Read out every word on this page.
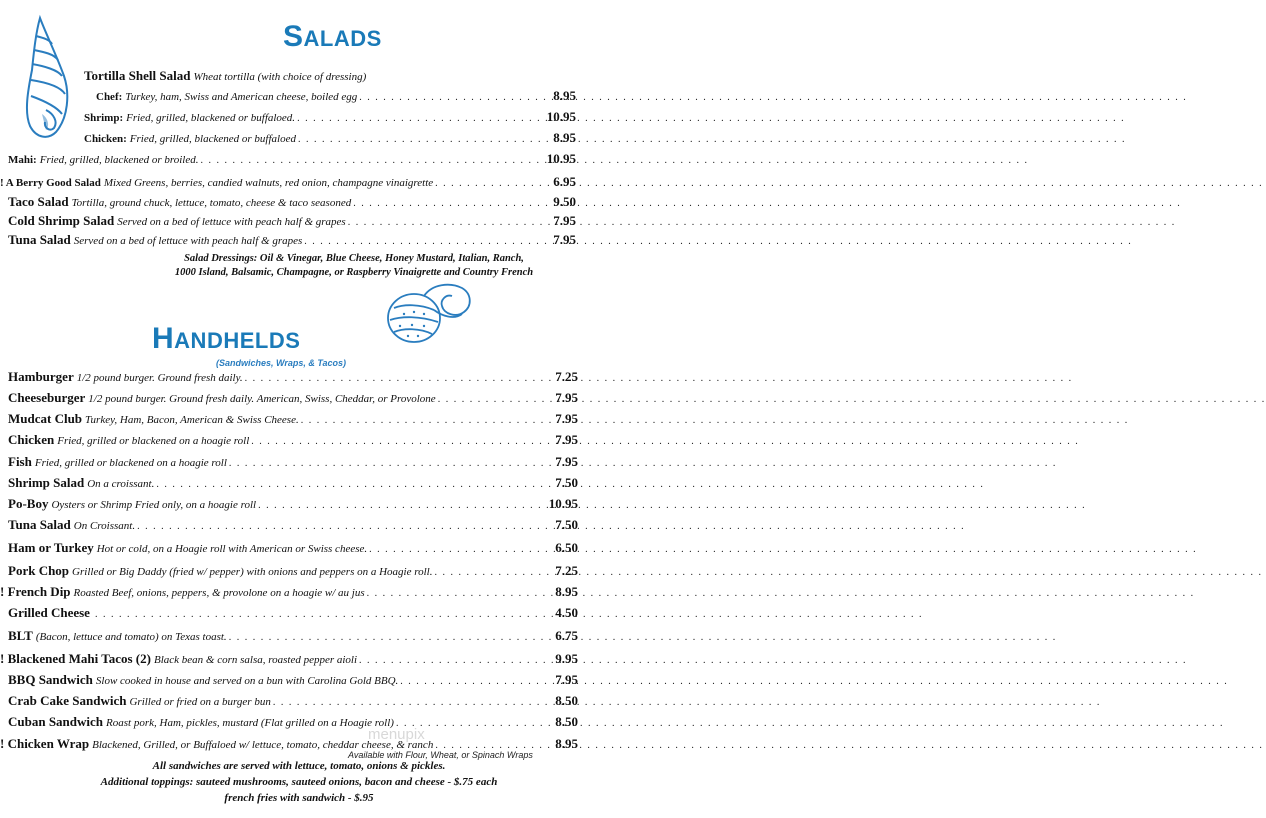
SALADS
Tortilla Shell Salad Wheat tortilla (with choice of dressing)
Chef: Turkey, ham, Swiss and American cheese, boiled egg . . .	8.95
Shrimp: Fried, grilled, blackened or buffaloed. . . .	10.95
Chicken: Fried, grilled, blackened or buffaloed . . .	8.95
Mahi: Fried, grilled, blackened or broiled. . . .	10.95
! A Berry Good Salad Mixed Greens, berries, candied walnuts, red onion, champagne vinaigrette . . .	6.95
Taco Salad Tortilla, ground chuck, lettuce, tomato, cheese & taco seasoned . . .	9.50
Cold Shrimp Salad Served on a bed of lettuce with peach half & grapes . . .	7.95
Tuna Salad Served on a bed of lettuce with peach half & grapes . . .	7.95
Salad Dressings: Oil & Vinegar, Blue Cheese, Honey Mustard, Italian, Ranch,
1000 Island, Balsamic, Champagne, or Raspberry Vinaigrette and Country French
HANDHELDS
(Sandwiches, Wraps, & Tacos)
Hamburger 1/2 pound burger. Ground fresh daily. . . .	7.25
Cheeseburger 1/2 pound burger. Ground fresh daily. American, Swiss, Cheddar, or Provolone . . .	7.95
Mudcat Club Turkey, Ham, Bacon, American & Swiss Cheese. . . .	7.95
Chicken Fried, grilled or blackened on a hoagie roll . . .	7.95
Fish Fried, grilled or blackened on a hoagie roll . . .	7.95
Shrimp Salad On a croissant. . . .	7.50
Po-Boy Oysters or Shrimp Fried only, on a hoagie roll . . .	10.95
Tuna Salad On Croissant. . . .	7.50
Ham or Turkey Hot or cold, on a Hoagie roll with American or Swiss cheese. . . .	6.50
Pork Chop Grilled or Big Daddy (fried w/ pepper) with onions and peppers on a Hoagie roll. . . .	7.25
! French Dip Roasted Beef, onions, peppers, & provolone on a hoagie w/ au jus . . .	8.95
Grilled Cheese . . .	4.50
BLT (Bacon, lettuce and tomato) on Texas toast. . . .	6.75
! Blackened Mahi Tacos (2) Black bean & corn salsa, roasted pepper aioli . . .	9.95
BBQ Sandwich Slow cooked in house and served on a bun with Carolina Gold BBQ. . . .	7.95
Crab Cake Sandwich Grilled or fried on a burger bun . . .	8.50
Cuban Sandwich Roast pork, Ham, pickles, mustard (Flat grilled on a Hoagie roll) . . .	8.50
! Chicken Wrap Blackened, Grilled, or Buffaloed w/ lettuce, tomato, cheddar cheese, & ranch . . .	8.95
menupix
Available with Flour, Wheat, or Spinach Wraps
All sandwiches are served with lettuce, tomato, onions & pickles.
Additional toppings: sauteed mushrooms, sauteed onions, bacon and cheese - $.75 each
french fries with sandwich - $.95
